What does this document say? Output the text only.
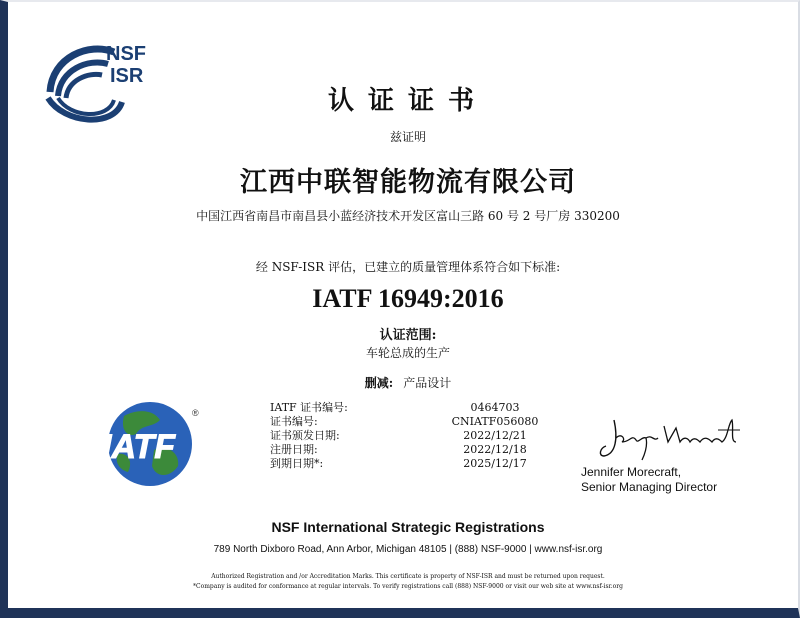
NSF
ISR
认证证书
兹证明
江西中联智能物流有限公司
中国江西省南昌市南昌县小蓝经济技术开发区富山三路 60 号 2 号厂房 330200
经 NSF-ISR 评估，已建立的质量管理体系符合如下标准:
IATF 16949:2016
认证范围:
车轮总成的生产
删减: 产品设计
IATF
®	IATF 证书编号:	0464703
证书编号:	CNIATF056080
证书颁发日期:	2022/12/21
注册日期:	2022/12/18
到期日期*:	2025/12/17
Jennifer Morecraft,
Senior Managing Director
NSF International Strategic Registrations
789 North Dixboro Road, Ann Arbor, Michigan 48105 | (888) NSF-9000 | www.nsf-isr.org
Authorized Registration and /or Accreditation Marks. This certificate is property of NSF-ISR and must be returned upon request.
*Company is audited for conformance at regular intervals. To verify registrations call (888) NSF-9000 or visit our web site at www.nsf-isr.org
